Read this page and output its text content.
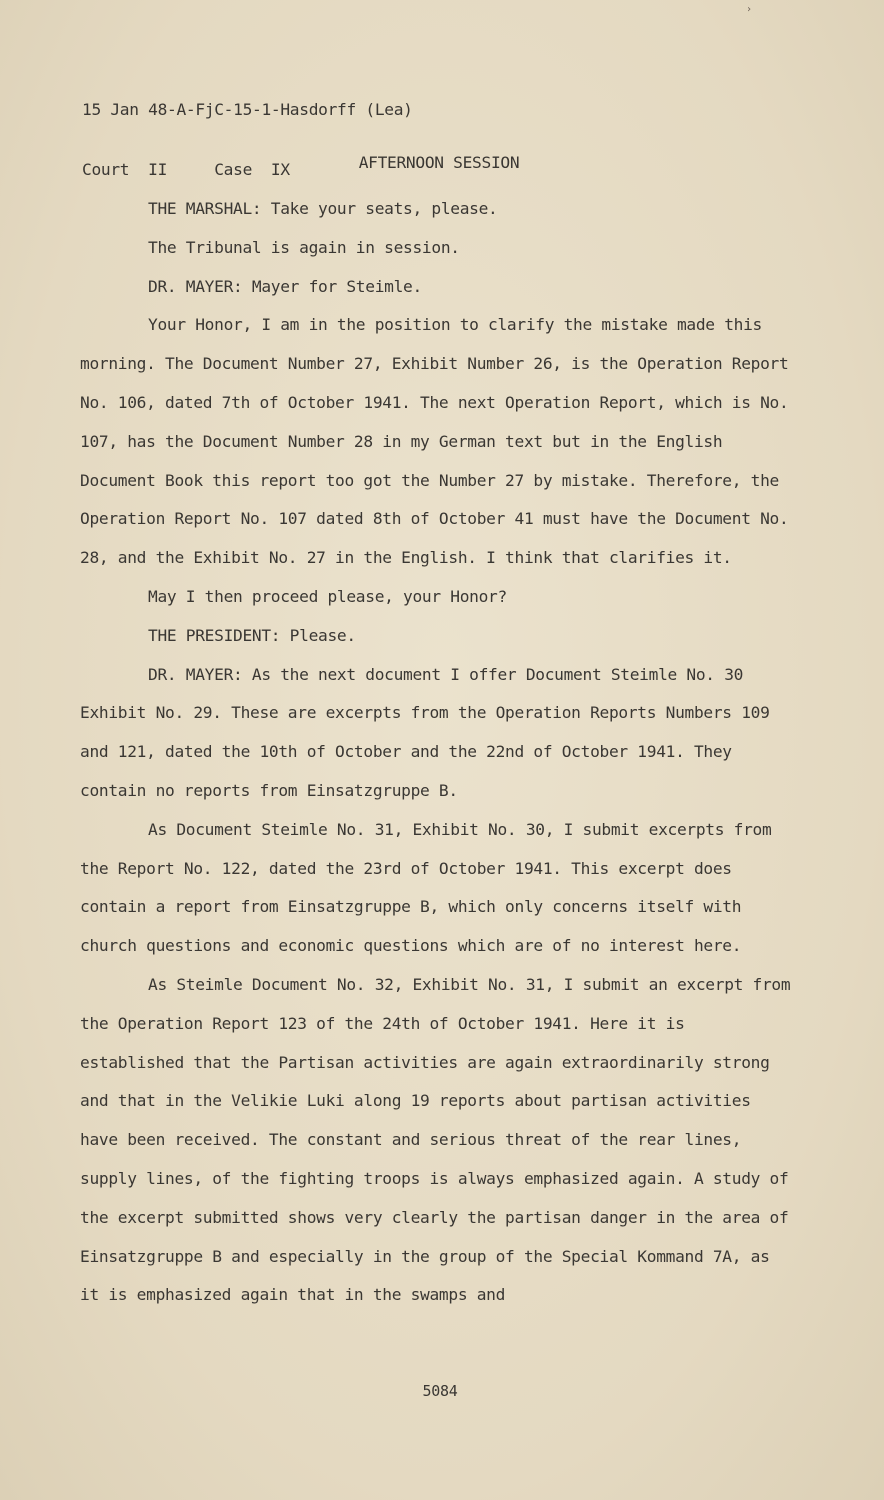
›

15 Jan 48-A-FjC-15-1-Hasdorff (Lea)

Court  II     Case  IX

	AFTERNOON SESSION

THE MARSHAL: Take your seats, please.

The Tribunal is again in session.

DR. MAYER: Mayer for Steimle.

Your Honor, I am in the position to clarify the mistake made this morning. The Document Number 27, Exhibit Number 26, is the Operation Report No. 106, dated 7th of October 1941. The next Operation Report, which is No. 107, has the Document Number 28 in my German text but in the English Document Book this report too got the Number 27 by mistake. Therefore, the Operation Report No. 107 dated 8th of October 41 must have the Document No. 28, and the Exhibit No. 27 in the English. I think that clarifies it.

May I then proceed please, your Honor?

THE PRESIDENT: Please.

DR. MAYER: As the next document I offer Document Steimle No. 30 Exhibit No. 29. These are excerpts from the Operation Reports Numbers 109 and 121, dated the 10th of October and the 22nd of October 1941. They contain no reports from Einsatzgruppe B.

As Document Steimle No. 31, Exhibit No. 30, I submit excerpts from the Report No. 122, dated the 23rd of October 1941. This excerpt does contain a report from Einsatzgruppe B, which only concerns itself with church questions and economic questions which are of no interest here.

As Steimle Document No. 32, Exhibit No. 31, I submit an excerpt from the Operation Report 123 of the 24th of October 1941. Here it is established that the Partisan activities are again extraordinarily strong and that in the Velikie Luki along 19 reports about partisan activities have been received. The constant and serious threat of the rear lines, supply lines, of the fighting troops is always emphasized again. A study of the excerpt submitted shows very clearly the partisan danger in the area of Einsatzgruppe B and especially in the group of the Special Kommand 7A, as it is emphasized again that in the swamps and

5084
